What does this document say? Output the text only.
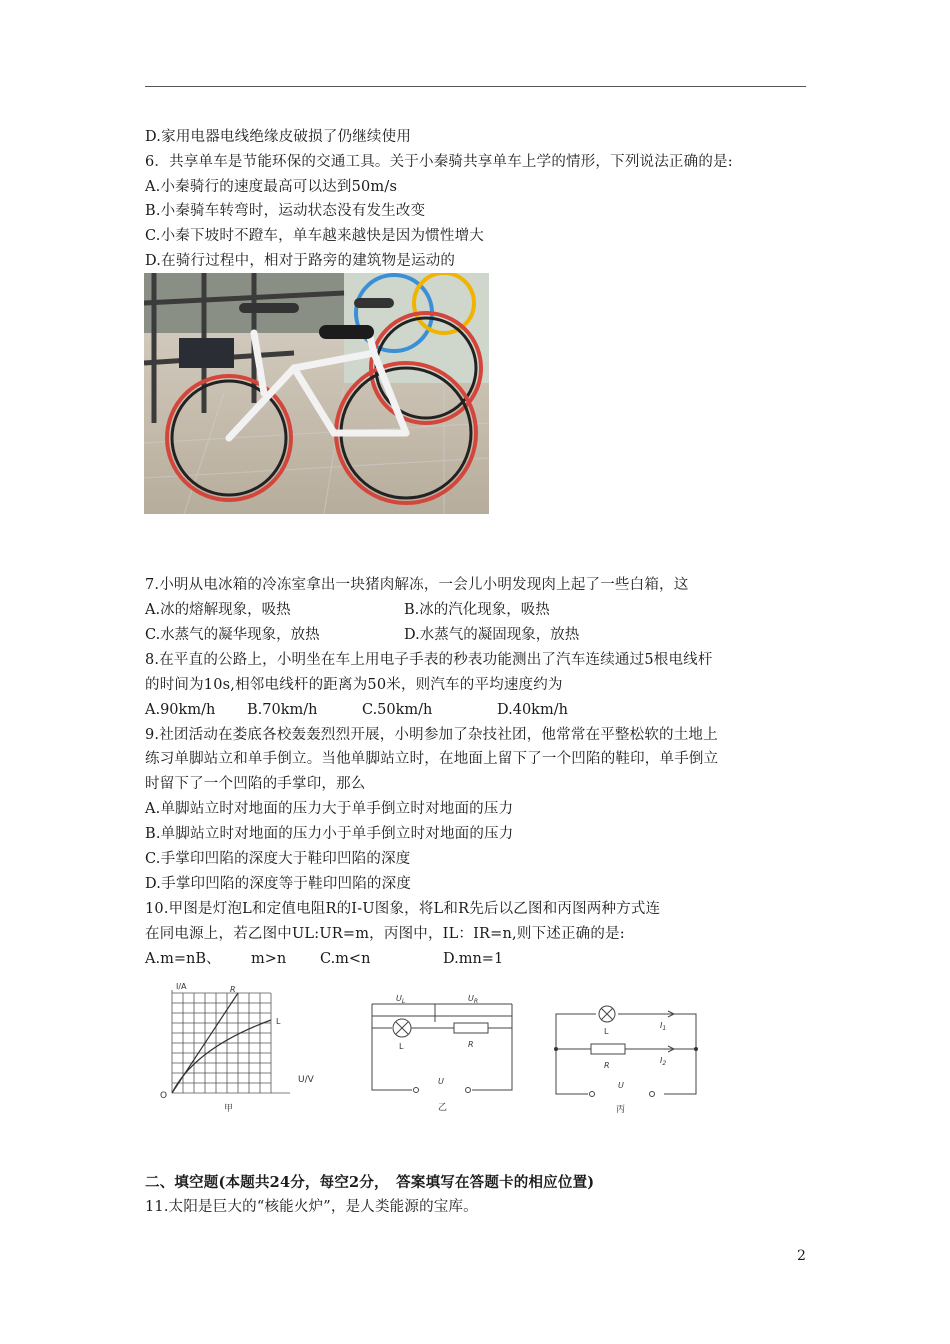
D.家用电器电线绝缘皮破损了仍继续使用
6．共享单车是节能环保的交通工具。关于小秦骑共享单车上学的情形，下列说法正确的是:
A.小秦骑行的速度最高可以达到50m/s
B.小秦骑车转弯时，运动状态没有发生改变
C.小秦下坡时不蹬车，单车越来越快是因为惯性增大
D.在骑行过程中，相对于路旁的建筑物是运动的
7.小明从电冰箱的冷冻室拿出一块猪肉解冻，一会儿小明发现肉上起了一些白箱，这
A.冰的熔解现象，吸热	B.冰的汽化现象，吸热
C.水蒸气的凝华现象，放热	D.水蒸气的凝固现象，放热
8.在平直的公路上，小明坐在车上用电子手表的秒表功能测出了汽车连续通过5根电线杆
的时间为10s,相邻电线杆的距离为50米，则汽车的平均速度约为
A.90km/h B.70km/h	C.50km/h	D.40km/h
9.社团活动在娄底各校轰轰烈烈开展，小明参加了杂技社团，他常常在平整松软的土地上
练习单脚站立和单手倒立。当他单脚站立时，在地面上留下了一个凹陷的鞋印，单手倒立
时留下了一个凹陷的手掌印，那么
A.单脚站立时对地面的压力大于单手倒立时对地面的压力
B.单脚站立时对地面的压力小于单手倒立时对地面的压力
C.手掌印凹陷的深度大于鞋印凹陷的深度
D.手掌印凹陷的深度等于鞋印凹陷的深度
10.甲图是灯泡L和定值电阻R的I-U图象，将L和R先后以乙图和丙图两种方式连
在同电源上，若乙图中UL:UR=m，丙图中，IL：IR=n,则下述正确的是:
A.m=nB、 m>n C.m<n	D.mn=1
I/A
U/V
O
R
L
甲
$U_L$	$U_R$
L	R
U
乙
L
R
$I_1$
$I_2$
U
丙
二、填空题(本题共24分，每空2分，　答案填写在答题卡的相应位置)
11.太阳是巨大的“核能火炉”，是人类能源的宝库。
2
